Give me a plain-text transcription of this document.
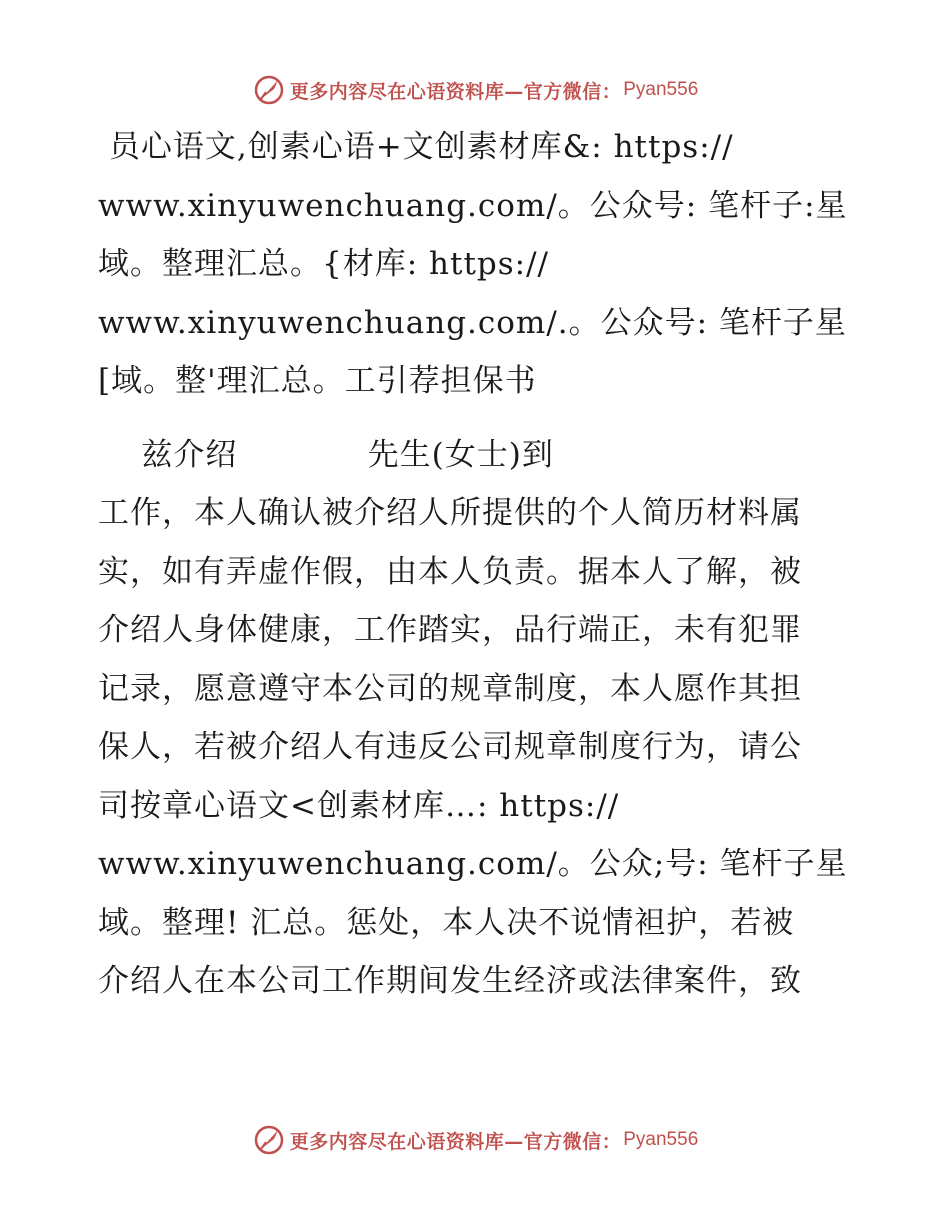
更多内容尽在心语资料库—官方微信： Pyan556
员心语文,创素心语+文创素材库&: https://
www.xinyuwenchuang.com/。公众号: 笔杆子:星
域。整理汇总。{材库: https://
www.xinyuwenchuang.com/.。公众号: 笔杆子星
[域。整'理汇总。工引荐担保书
兹介绍            先生(女士)到
工作，本人确认被介绍人所提供的个人简历材料属
实，如有弄虚作假，由本人负责。据本人了解，被
介绍人身体健康，工作踏实，品行端正，未有犯罪
记录，愿意遵守本公司的规章制度，本人愿作其担
保人，若被介绍人有违反公司规章制度行为，请公
司按章心语文<创素材库…: https://
www.xinyuwenchuang.com/。公众;号: 笔杆子星
域。整理! 汇总。惩处，本人决不说情袒护，若被
介绍人在本公司工作期间发生经济或法律案件，致
更多内容尽在心语资料库—官方微信： Pyan556
